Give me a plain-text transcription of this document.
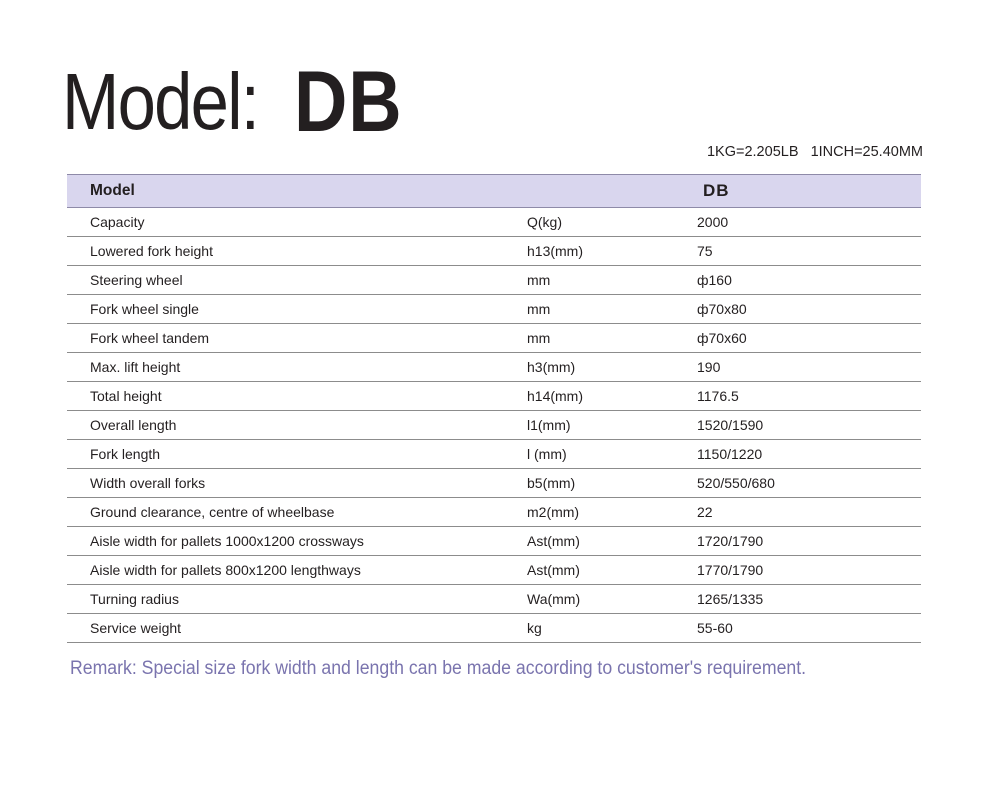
Model: DB
1KG=2.205LB   1INCH=25.40MM
Model		DB
Capacity	Q(kg)	2000
Lowered fork height	h13(mm)	75
Steering wheel	mm	ф160
Fork wheel single	mm	ф70x80
Fork wheel tandem	mm	ф70x60
Max. lift height	h3(mm)	190
Total height	h14(mm)	1176.5
Overall length	l1(mm)	1520/1590
Fork length	l (mm)	1150/1220
Width overall forks	b5(mm)	520/550/680
Ground clearance, centre of wheelbase	m2(mm)	22
Aisle width for pallets 1000x1200 crossways	Ast(mm)	1720/1790
Aisle width for pallets 800x1200 lengthways	Ast(mm)	1770/1790
Turning radius	Wa(mm)	1265/1335
Service weight	kg	55-60
Remark: Special size fork width and length can be made according to customer's requirement.
